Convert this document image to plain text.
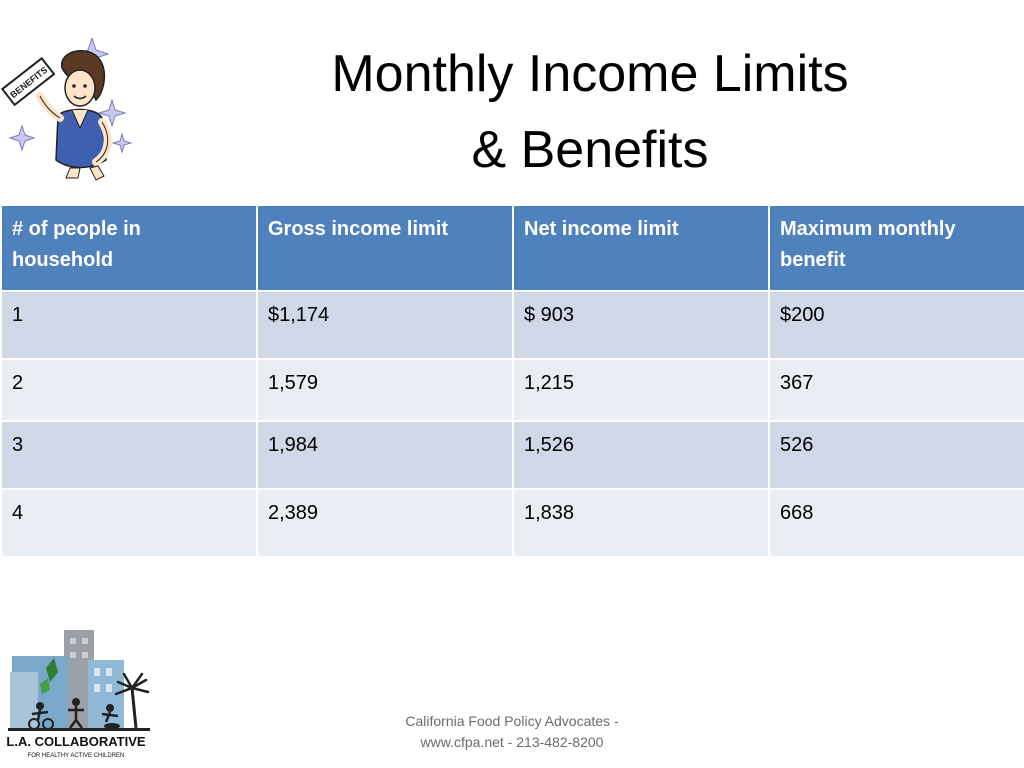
BENEFITS	Monthly Income Limits
& Benefits
# of people in household	Gross income limit	Net income limit	Maximum monthly benefit
1	$1,174	$ 903	$200
2	1,579	1,215	367
3	1,984	1,526	526
4	2,389	1,838	668
L.A. COLLABORATIVE
FOR HEALTHY ACTIVE CHILDREN
California Food Policy Advocates -
www.cfpa.net - 213-482-8200
